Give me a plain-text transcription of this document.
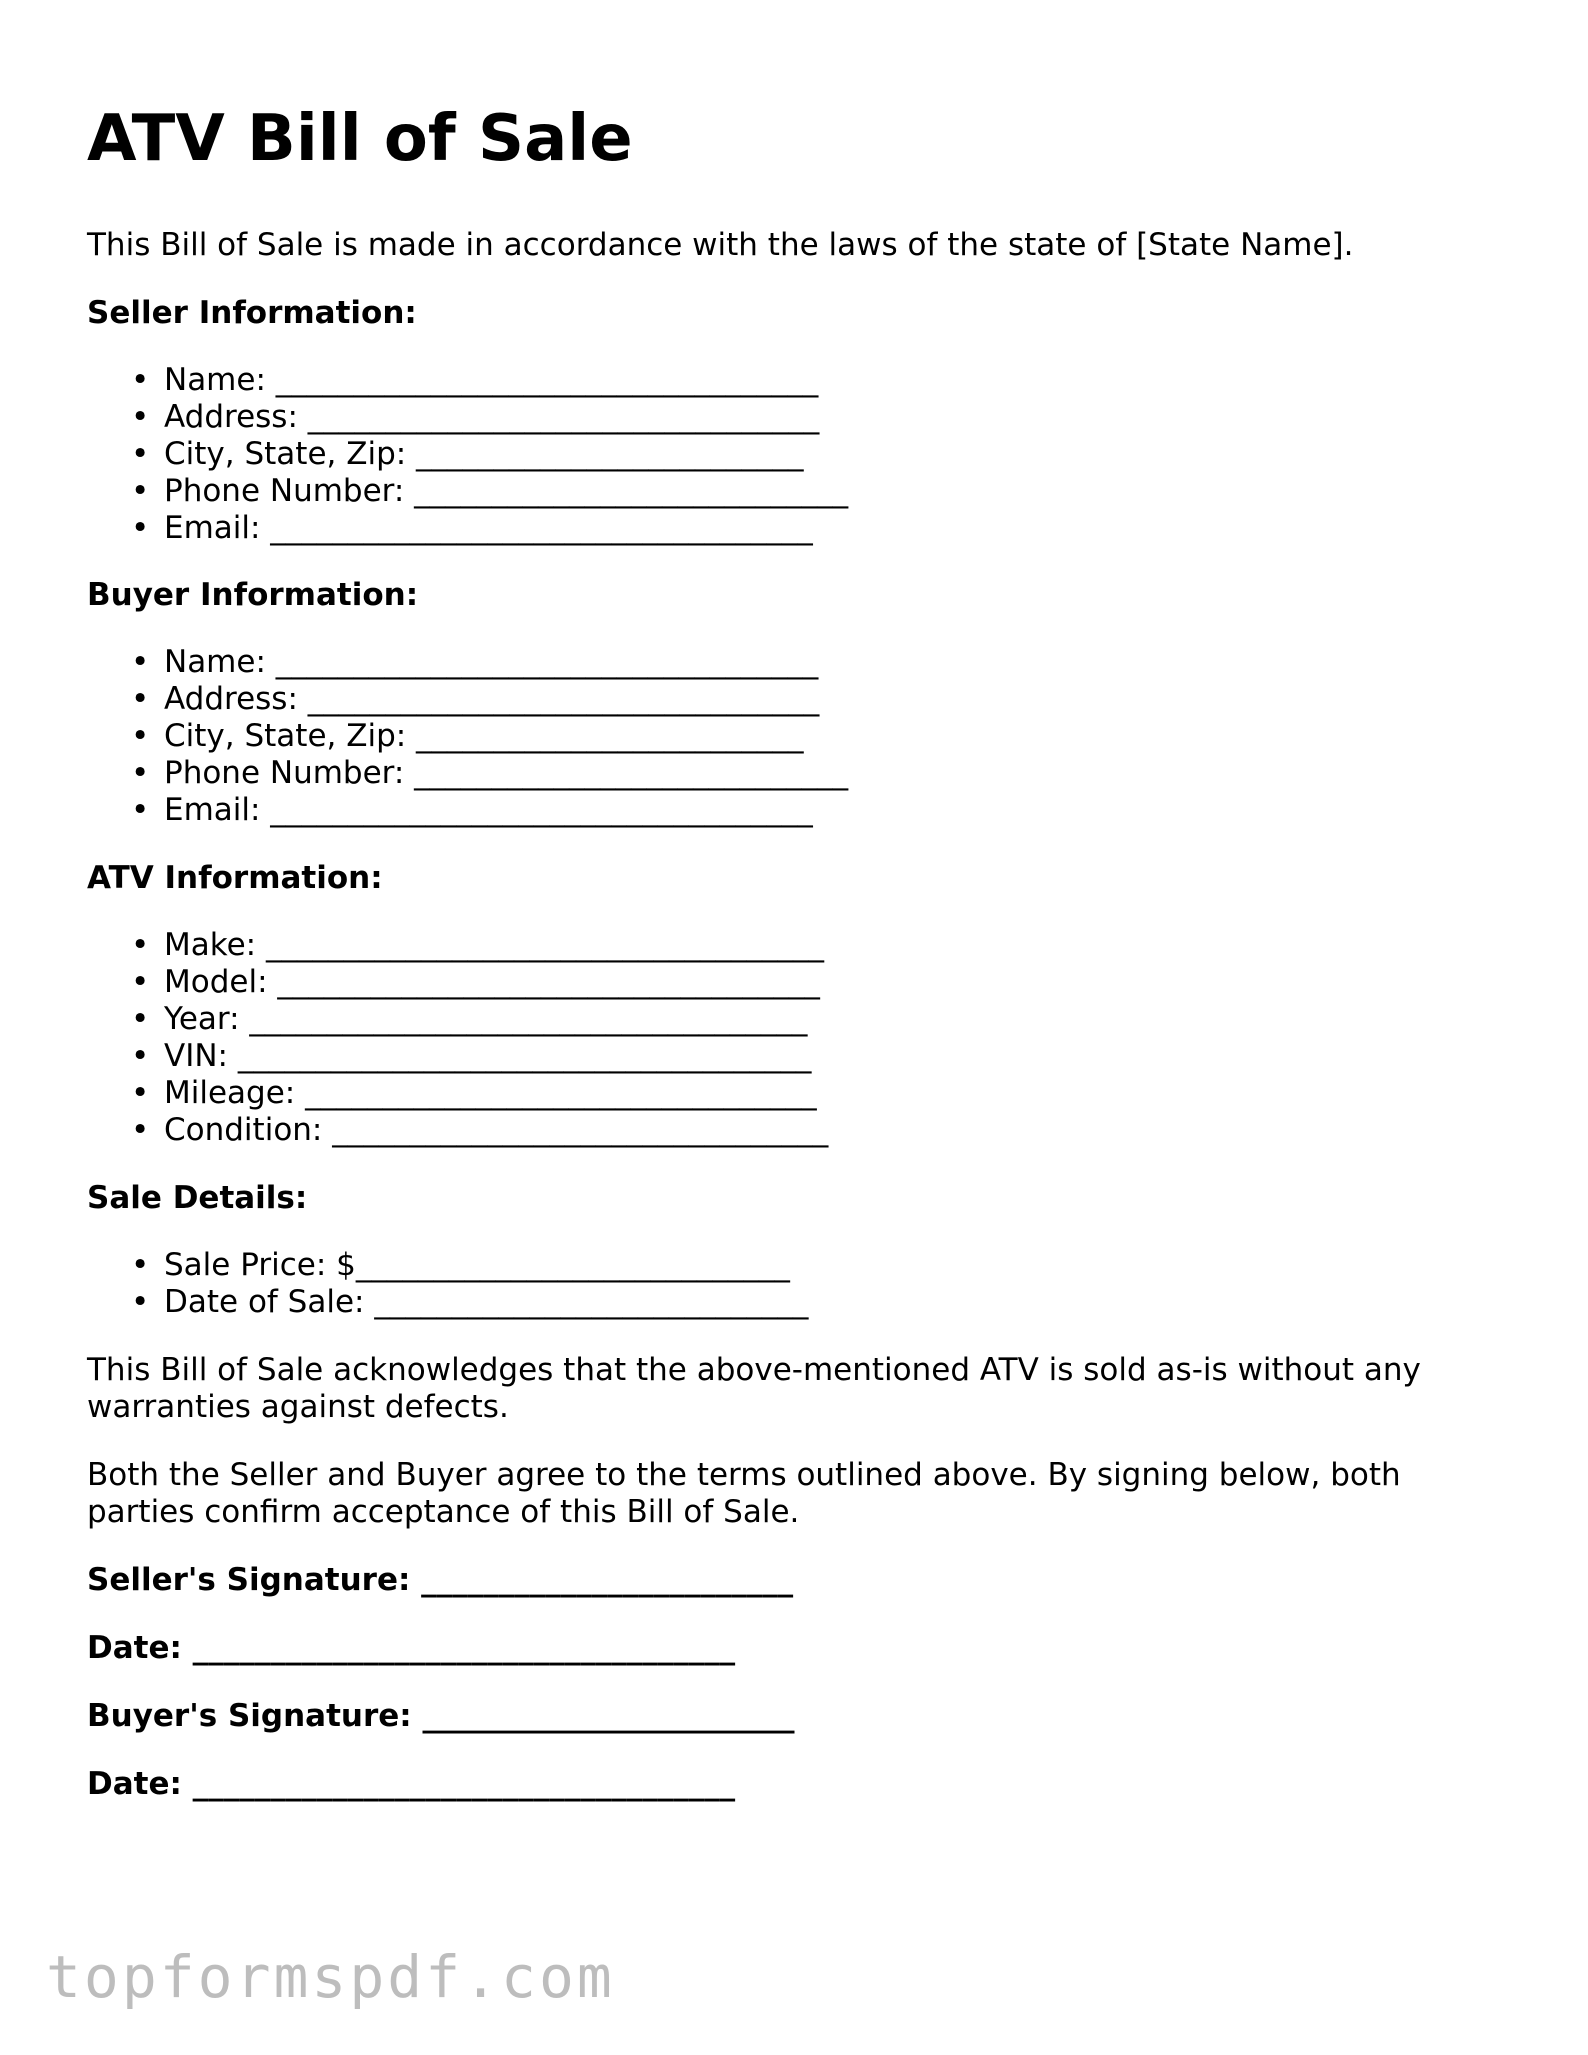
ATV Bill of Sale
This Bill of Sale is made in accordance with the laws of the state of [State Name].
Seller Information:
• Name: ___________________________________
• Address: _________________________________
• City, State, Zip: _________________________
• Phone Number: ____________________________
• Email: ___________________________________
Buyer Information:
• Name: ___________________________________
• Address: _________________________________
• City, State, Zip: _________________________
• Phone Number: ____________________________
• Email: ___________________________________
ATV Information:
• Make: ____________________________________
• Model: ___________________________________
• Year: ____________________________________
• VIN: _____________________________________
• Mileage: _________________________________
• Condition: ________________________________
Sale Details:
• Sale Price: $____________________________
• Date of Sale: ____________________________
This Bill of Sale acknowledges that the above-mentioned ATV is sold as-is without any
warranties against defects.
Both the Seller and Buyer agree to the terms outlined above. By signing below, both
parties confirm acceptance of this Bill of Sale.
Seller's Signature: ________________________
Date: ___________________________________
Buyer's Signature: ________________________
Date: ___________________________________
topformspdf.com
